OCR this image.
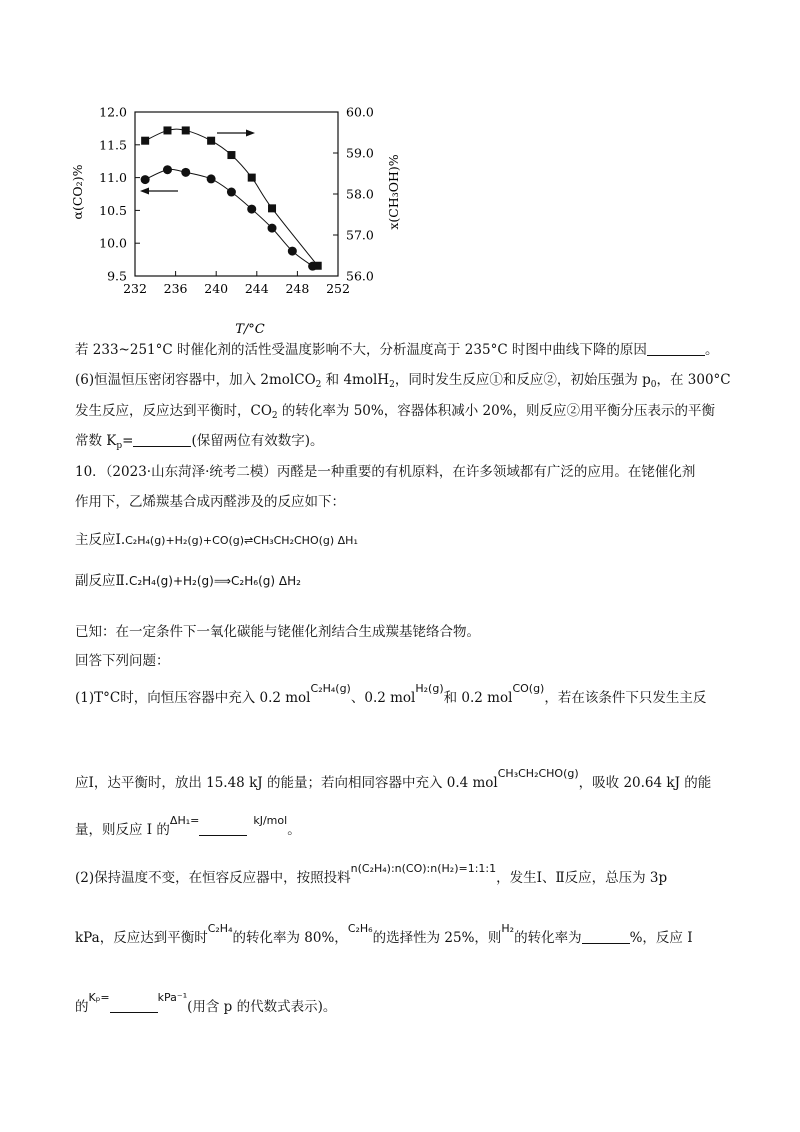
232 236 240 244 248 252
12.0
11.5
11.0
10.5
10.0
9.5
60.0
59.0
58.0
57.0
56.0
T/°C
α(CO₂)%	x(CH₃OH)%
若 233~251°C 时催化剂的活性受温度影响不大，分析温度高于 235°C 时图中曲线下降的原因	。
(6)恒温恒压密闭容器中，加入 2molCO$_2$ 和 4molH$_2$，同时发生反应①和反应②，初始压强为 $p_0$，在 300°C
发生反应，反应达到平衡时，$CO_2$ 的转化率为 50%，容器体积减小 20%，则反应②用平衡分压表示的平衡
常数 $K_p=$	(保留两位有效数字)。
10．（2023·山东菏泽·统考二模）丙醛是一种重要的有机原料，在许多领域都有广泛的应用。在铑催化剂
作用下，乙烯羰基合成丙醛涉及的反应如下：
主反应Ⅰ.C₂H₄(g)+H₂(g)+CO(g)⇌CH₃CH₂CHO(g) ΔH₁
副反应Ⅱ.C₂H₄(g)+H₂(g)⟹C₂H₆(g) ΔH₂
已知：在一定条件下一氧化碳能与铑催化剂结合生成羰基铑络合物。
回答下列问题：
(1)T°C时，向恒压容器中充入 0.2 mol$^{C_2H_4(g)}$、0.2 mol$^{H_2(g)}$和 0.2 mol$^{CO(g)}$，若在该条件下只发生主反
应I，达平衡时，放出 15.48 kJ 的能量；若向相同容器中充入 0.4 mol$^{CH_3CH_2CHO(g)}$，吸收 20.64 kJ 的能
量，则反应 I 的$^{\Delta H_1=}$	$^{kJ/mol}$。
(2)保持温度不变，在恒容反应器中，按照投料$^{n(C_2H_4):n(CO):n(H_2)=1:1:1}$，发生Ⅰ、Ⅱ反应，总压为 3p
kPa，反应达到平衡时$^{C_2H_4}$的转化率为 80%，$^{C_2H_6}$的选择性为 25%，则$^{H_2}$的转化率为	%，反应 I
的$^{K_p=}$	$^{kPa^{-1}}$(用含 p 的代数式表示)。
